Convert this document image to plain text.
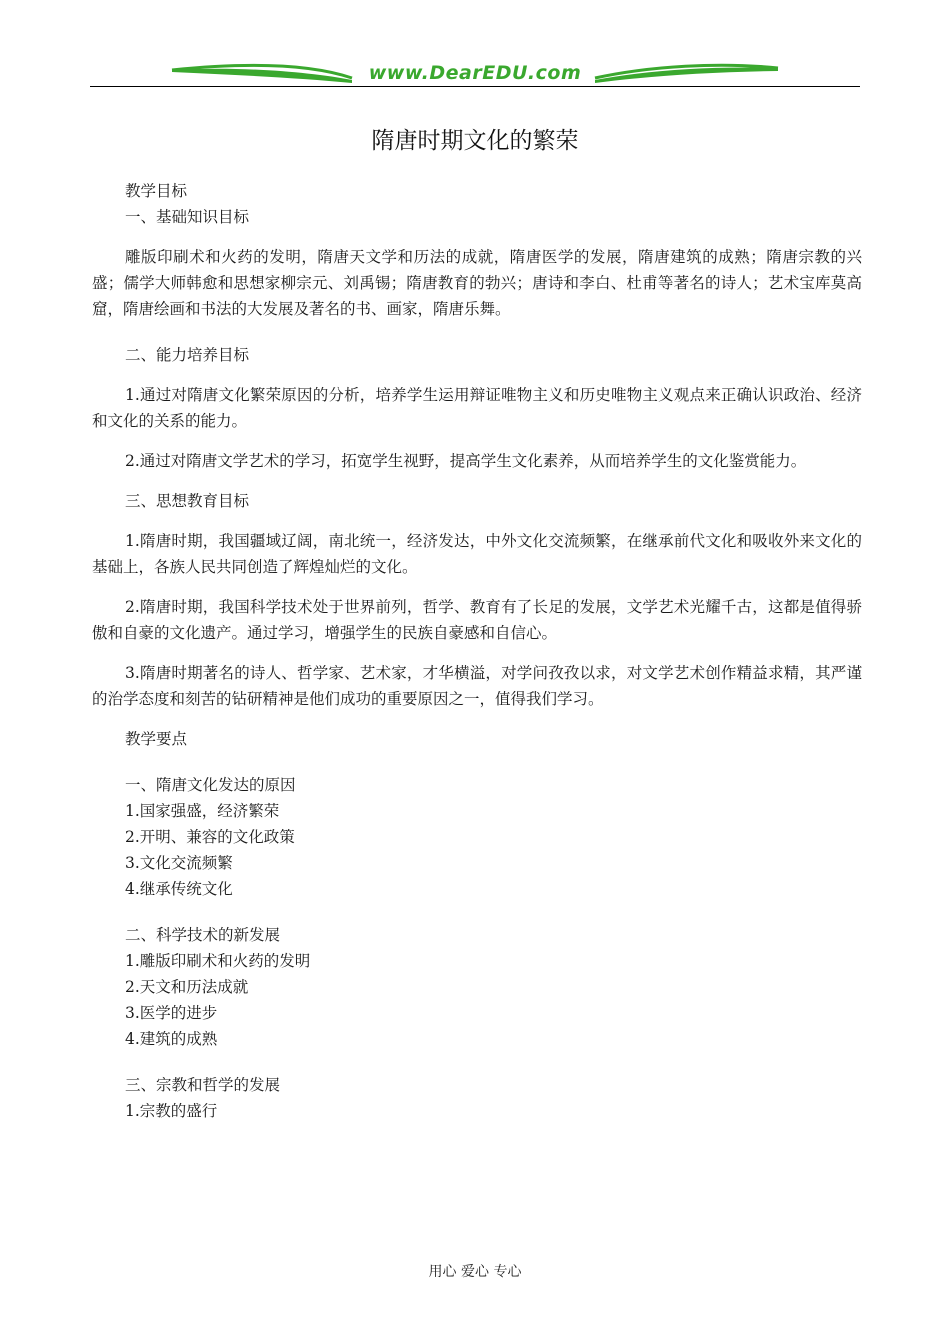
www.DearEDU.com
隋唐时期文化的繁荣

教学目标

一、基础知识目标

雕版印刷术和火药的发明，隋唐天文学和历法的成就，隋唐医学的发展，隋唐建筑的成熟；隋唐宗教的兴盛；儒学大师韩愈和思想家柳宗元、刘禹锡；隋唐教育的勃兴；唐诗和李白、杜甫等著名的诗人；艺术宝库莫高窟，隋唐绘画和书法的大发展及著名的书、画家，隋唐乐舞。

二、能力培养目标

1.通过对隋唐文化繁荣原因的分析，培养学生运用辩证唯物主义和历史唯物主义观点来正确认识政治、经济和文化的关系的能力。

2.通过对隋唐文学艺术的学习，拓宽学生视野，提高学生文化素养，从而培养学生的文化鉴赏能力。

三、思想教育目标

1.隋唐时期，我国疆域辽阔，南北统一，经济发达，中外文化交流频繁，在继承前代文化和吸收外来文化的基础上，各族人民共同创造了辉煌灿烂的文化。

2.隋唐时期，我国科学技术处于世界前列，哲学、教育有了长足的发展，文学艺术光耀千古，这都是值得骄傲和自豪的文化遗产。通过学习，增强学生的民族自豪感和自信心。

3.隋唐时期著名的诗人、哲学家、艺术家，才华横溢，对学问孜孜以求，对文学艺术创作精益求精，其严谨的治学态度和刻苦的钻研精神是他们成功的重要原因之一，值得我们学习。

教学要点

一、隋唐文化发达的原因

1.国家强盛，经济繁荣

2.开明、兼容的文化政策

3.文化交流频繁

4.继承传统文化

二、科学技术的新发展

1.雕版印刷术和火药的发明

2.天文和历法成就

3.医学的进步

4.建筑的成熟

三、宗教和哲学的发展

1.宗教的盛行

用心 爱心 专心
